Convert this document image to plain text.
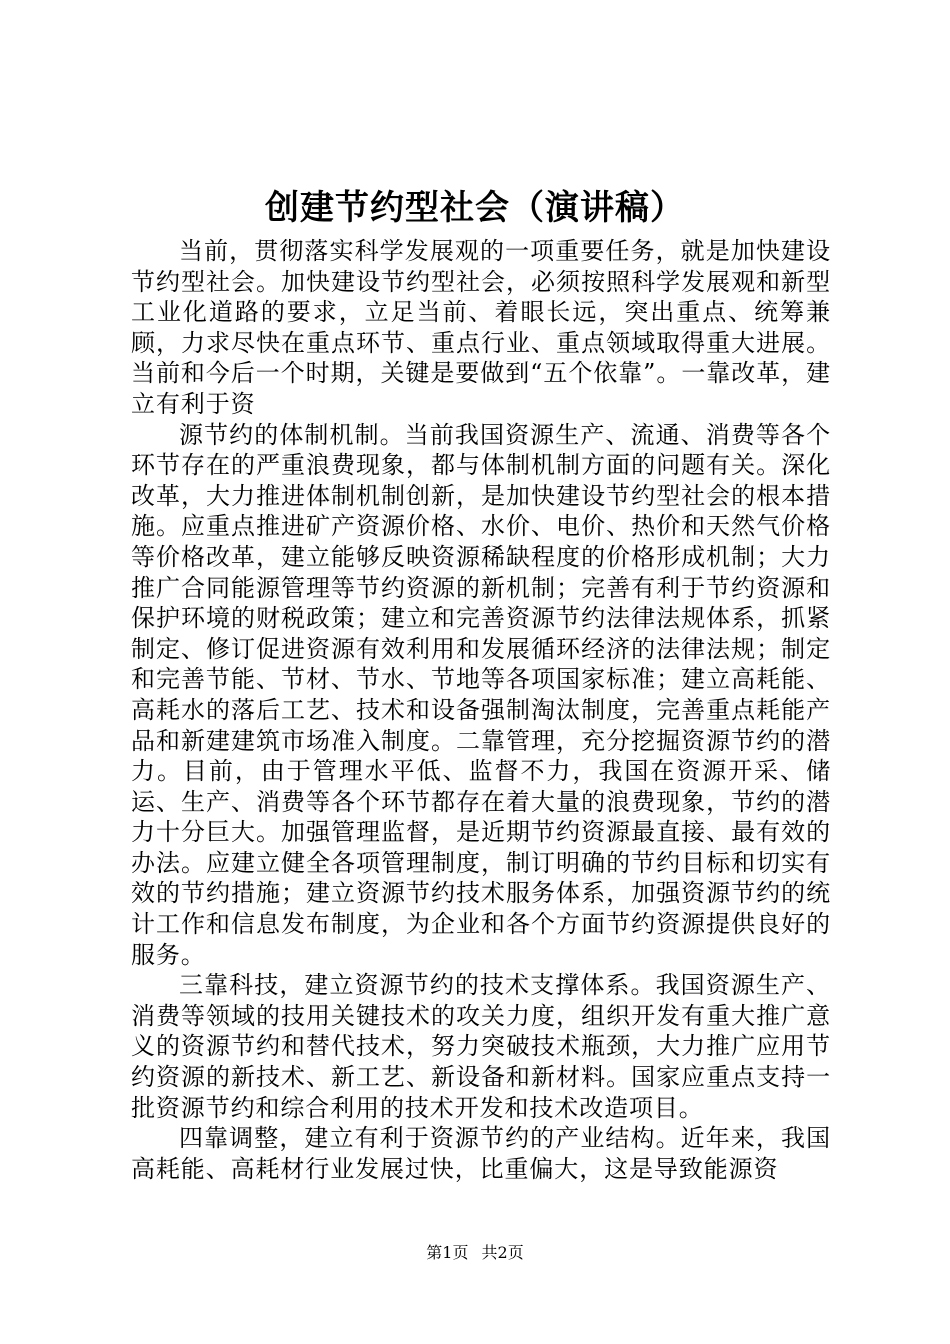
创建节约型社会（演讲稿）

当前，贯彻落实科学发展观的一项重要任务，就是加快建设节约型社会。加快建设节约型社会，必须按照科学发展观和新型工业化道路的要求，立足当前、着眼长远，突出重点、统筹兼顾，力求尽快在重点环节、重点行业、重点领域取得重大进展。当前和今后一个时期，关键是要做到“五个依靠”。一靠改革，建立有利于资

源节约的体制机制。当前我国资源生产、流通、消费等各个环节存在的严重浪费现象，都与体制机制方面的问题有关。深化改革，大力推进体制机制创新，是加快建设节约型社会的根本措施。应重点推进矿产资源价格、水价、电价、热价和天然气价格等价格改革，建立能够反映资源稀缺程度的价格形成机制；大力推广合同能源管理等节约资源的新机制；完善有利于节约资源和保护环境的财税政策；建立和完善资源节约法律法规体系，抓紧制定、修订促进资源有效利用和发展循环经济的法律法规；制定和完善节能、节材、节水、节地等各项国家标准；建立高耗能、高耗水的落后工艺、技术和设备强制淘汰制度，完善重点耗能产品和新建建筑市场准入制度。二靠管理，充分挖掘资源节约的潜力。目前，由于管理水平低、监督不力，我国在资源开采、储运、生产、消费等各个环节都存在着大量的浪费现象，节约的潜力十分巨大。加强管理监督，是近期节约资源最直接、最有效的办法。应建立健全各项管理制度，制订明确的节约目标和切实有效的节约措施；建立资源节约技术服务体系，加强资源节约的统计工作和信息发布制度，为企业和各个方面节约资源提供良好的服务。

三靠科技，建立资源节约的技术支撑体系。我国资源生产、消费等领域的技用关键技术的攻关力度，组织开发有重大推广意义的资源节约和替代技术，努力突破技术瓶颈，大力推广应用节约资源的新技术、新工艺、新设备和新材料。国家应重点支持一批资源节约和综合利用的技术开发和技术改造项目。

四靠调整，建立有利于资源节约的产业结构。近年来，我国高耗能、高耗材行业发展过快，比重偏大，这是导致能源资

第1页 共2页
